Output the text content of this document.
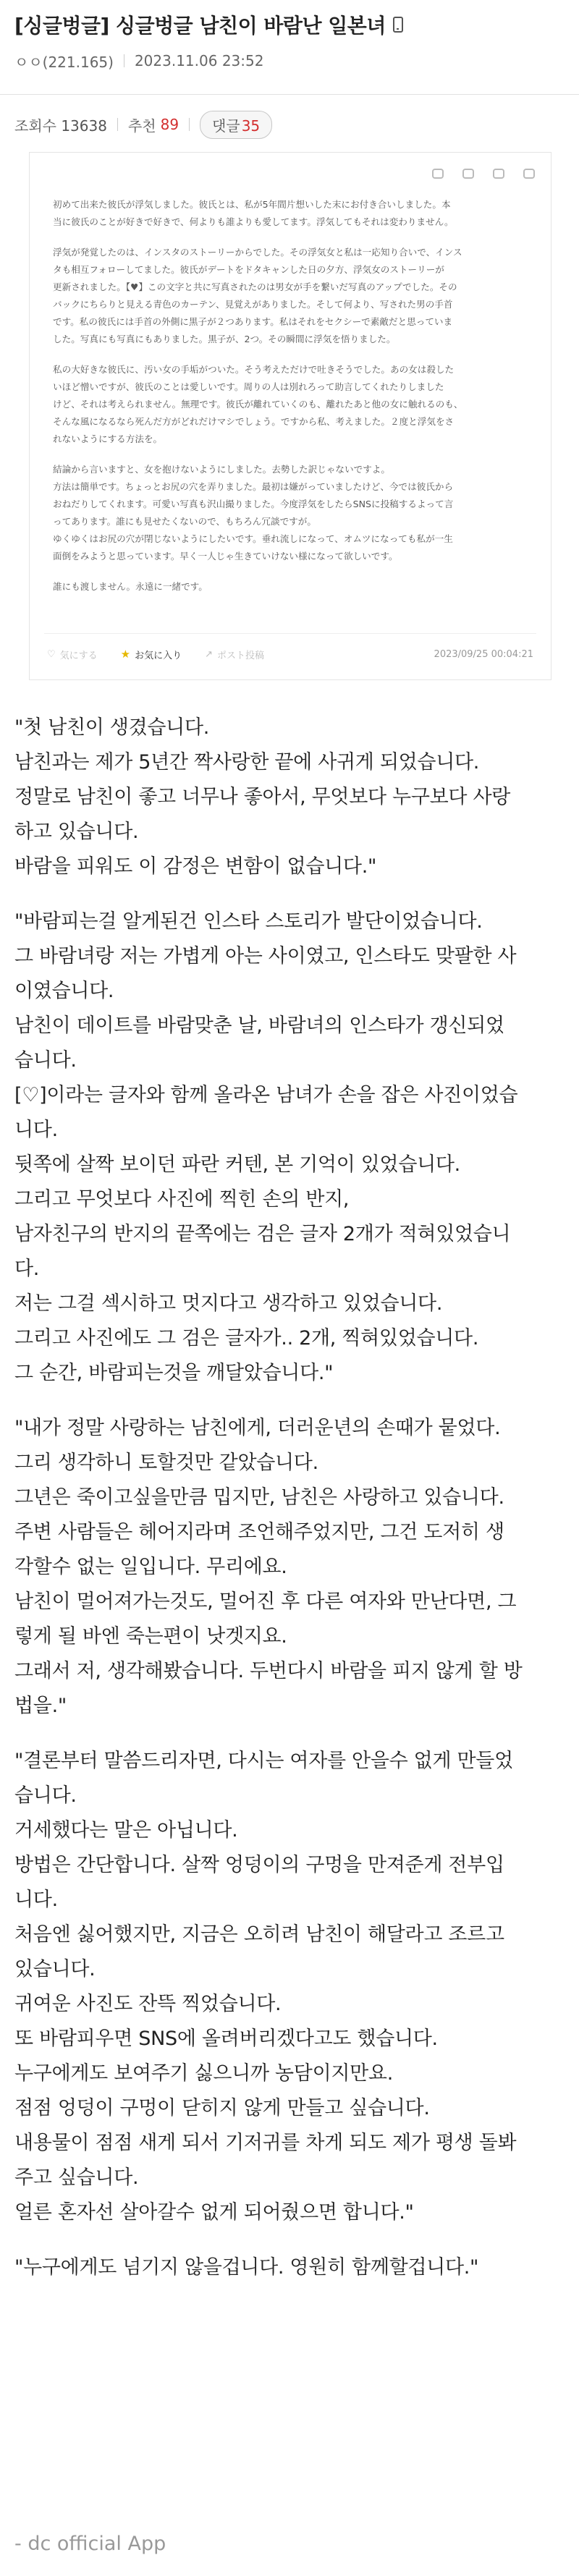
[싱글벙글] 싱글벙글 남친이 바람난 일본녀
ㅇㅇ(221.165) 2023.11.06 23:52
조회수 13638 추천 89	댓글 35

初めて出来た彼氏が浮気しました。彼氏とは、私が5年間片想いした末にお付き合いしました。本
当に彼氏のことが好きで好きで、何よりも誰よりも愛してます。浮気してもそれは変わりません。

浮気が発覚したのは、インスタのストーリーからでした。その浮気女と私は一応知り合いで、インス
タも相互フォローしてました。彼氏がデートをドタキャンした日の夕方、浮気女のストーリーが
更新されました。【♥】この文字と共に写真されたのは男女が手を繋いだ写真のアップでした。その
バックにちらりと見える青色のカーテン、見覚えがありました。そして何より、写された男の手首
です。私の彼氏には手首の外側に黒子が２つあります。私はそれをセクシーで素敵だと思っていま
した。写真にも写真にもありました。黒子が、2つ。その瞬間に浮気を悟りました。

私の大好きな彼氏に、汚い女の手垢がついた。そう考えただけで吐きそうでした。あの女は殺した
いほど憎いですが、彼氏のことは愛しいです。周りの人は別れろって助言してくれたりしました
けど、それは考えられません。無理です。彼氏が離れていくのも、離れたあと他の女に触れるのも、
そんな風になるなら死んだ方がどれだけマシでしょう。ですから私、考えました。２度と浮気をさ
れないようにする方法を。

結論から言いますと、女を抱けないようにしました。去勢した訳じゃないですよ。
方法は簡単です。ちょっとお尻の穴を弄りました。最初は嫌がっていましたけど、今では彼氏から
おねだりしてくれます。可愛い写真も沢山撮りました。今度浮気をしたらSNSに投稿するよって言
ってあります。誰にも見せたくないので、もちろん冗談ですが。
ゆくゆくはお尻の穴が閉じないようにしたいです。垂れ流しになって、オムツになっても私が一生
面倒をみようと思っています。早く一人じゃ生きていけない様になって欲しいです。

誰にも渡しません。永遠に一緒です。

♡ 気にする ★ お気に入り ↗ ポスト投稿	2023/09/25 00:04:21
"첫 남친이 생겼습니다.
남친과는 제가 5년간 짝사랑한 끝에 사귀게 되었습니다.
정말로 남친이 좋고 너무나 좋아서, 무엇보다 누구보다 사랑
하고 있습니다.
바람을 피워도 이 감정은 변함이 없습니다."
"바람피는걸 알게된건 인스타 스토리가 발단이었습니다.
그 바람녀랑 저는 가볍게 아는 사이였고, 인스타도 맞팔한 사
이였습니다.
남친이 데이트를 바람맞춘 날, 바람녀의 인스타가 갱신되었
습니다.
[♡]이라는 글자와 함께 올라온 남녀가 손을 잡은 사진이었습
니다.
뒷쪽에 살짝 보이던 파란 커텐, 본 기억이 있었습니다.
그리고 무엇보다 사진에 찍힌 손의 반지,
남자친구의 반지의 끝쪽에는 검은 글자 2개가 적혀있었습니
다.
저는 그걸 섹시하고 멋지다고 생각하고 있었습니다.
그리고 사진에도 그 검은 글자가.. 2개, 찍혀있었습니다.
그 순간, 바람피는것을 깨달았습니다."
"내가 정말 사랑하는 남친에게, 더러운년의 손때가 뭍었다.
그리 생각하니 토할것만 같았습니다.
그년은 죽이고싶을만큼 밉지만, 남친은 사랑하고 있습니다.
주변 사람들은 헤어지라며 조언해주었지만, 그건 도저히 생
각할수 없는 일입니다. 무리에요.
남친이 멀어져가는것도, 멀어진 후 다른 여자와 만난다면, 그
렇게 될 바엔 죽는편이 낫겟지요.
그래서 저, 생각해봤습니다. 두번다시 바람을 피지 않게 할 방
법을."
"결론부터 말씀드리자면, 다시는 여자를 안을수 없게 만들었
습니다.
거세했다는 말은 아닙니다.
방법은 간단합니다. 살짝 엉덩이의 구멍을 만져준게 전부입
니다.
처음엔 싫어했지만, 지금은 오히려 남친이 해달라고 조르고
있습니다.
귀여운 사진도 잔뜩 찍었습니다.
또 바람피우면 SNS에 올려버리겠다고도 했습니다.
누구에게도 보여주기 싫으니까 농담이지만요.
점점 엉덩이 구멍이 닫히지 않게 만들고 싶습니다.
내용물이 점점 새게 되서 기저귀를 차게 되도 제가 평생 돌봐
주고 싶습니다.
얼른 혼자선 살아갈수 없게 되어줬으면 합니다."
"누구에게도 넘기지 않을겁니다. 영원히 함께할겁니다."
- dc official App
